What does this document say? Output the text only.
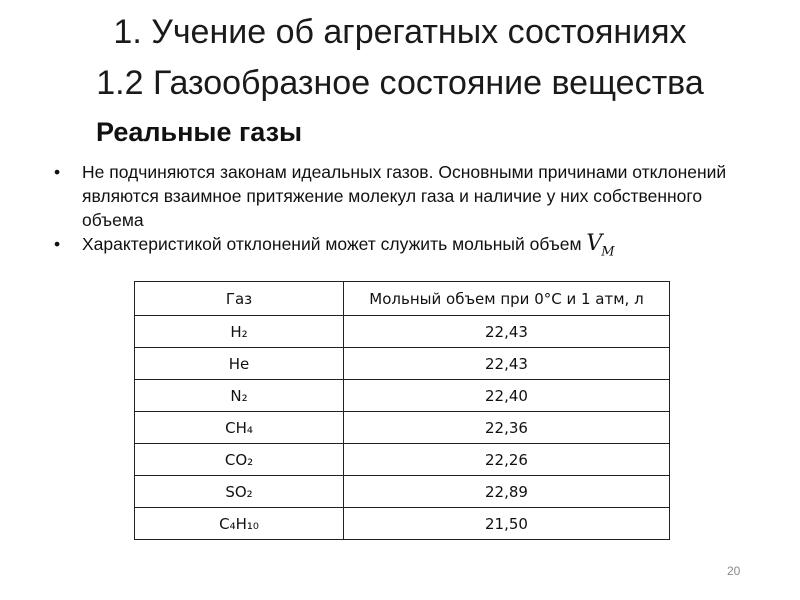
1. Учение об агрегатных состояниях
1.2 Газообразное состояние вещества
Реальные газы
•	Не подчиняются законам идеальных газов. Основными причинами отклонений являются взаимное притяжение молекул газа и наличие у них собственного объема
•	Характеристикой отклонений может служить мольный объем $V_M$
Газ	Мольный объем при 0°С и 1 атм, л
H₂	22,43
He	22,43
N₂	22,40
CH₄	22,36
CO₂	22,26
SO₂	22,89
C₄H₁₀	21,50
20
